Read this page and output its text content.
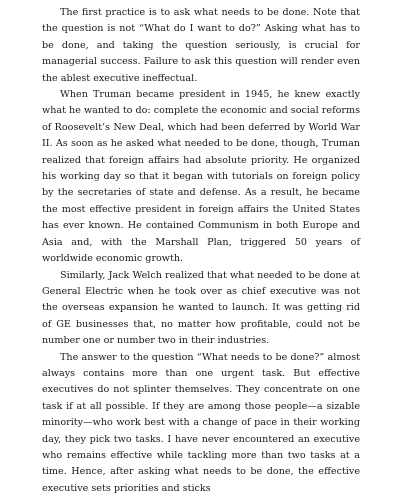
The first practice is to ask what needs to be done. Note that the question is not “What do I want to do?” Asking what has to be done, and taking the question seriously, is crucial for managerial success. Failure to ask this question will render even the ablest executive ineffectual.

When Truman became president in 1945, he knew exactly what he wanted to do: complete the economic and social reforms of Roosevelt’s New Deal, which had been deferred by World War II. As soon as he asked what needed to be done, though, Truman realized that foreign affairs had absolute priority. He organized his working day so that it began with tutorials on foreign policy by the secretaries of state and defense. As a result, he became the most effective president in foreign affairs the United States has ever known. He contained Communism in both Europe and Asia and, with the Marshall Plan, triggered 50 years of worldwide economic growth.

Similarly, Jack Welch realized that what needed to be done at General Electric when he took over as chief executive was not the overseas expansion he wanted to launch. It was getting rid of GE businesses that, no matter how profitable, could not be number one or number two in their industries.

The answer to the question “What needs to be done?” almost always contains more than one urgent task. But effective executives do not splinter themselves. They concentrate on one task if at all possible. If they are among those people—a sizable minority—who work best with a change of pace in their working day, they pick two tasks. I have never encountered an executive who remains effective while tackling more than two tasks at a time. Hence, after asking what needs to be done, the effective executive sets priorities and sticks
